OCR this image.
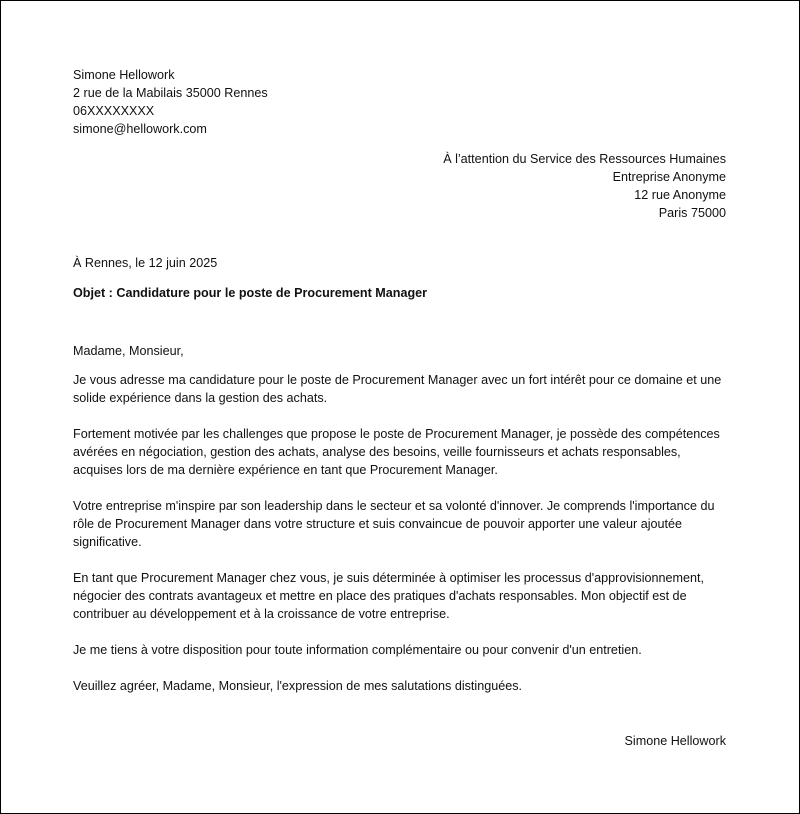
Simone Hellowork
2 rue de la Mabilais 35000 Rennes
06XXXXXXXX
simone@hellowork.com
À l’attention du Service des Ressources Humaines
Entreprise Anonyme
12 rue Anonyme
Paris 75000
À Rennes, le 12 juin 2025
Objet : Candidature pour le poste de Procurement Manager

Madame, Monsieur,

Je vous adresse ma candidature pour le poste de Procurement Manager avec un fort intérêt pour ce domaine et une solide expérience dans la gestion des achats.

Fortement motivée par les challenges que propose le poste de Procurement Manager, je possède des compétences avérées en négociation, gestion des achats, analyse des besoins, veille fournisseurs et achats responsables, acquises lors de ma dernière expérience en tant que Procurement Manager.

Votre entreprise m'inspire par son leadership dans le secteur et sa volonté d'innover. Je comprends l'importance du rôle de Procurement Manager dans votre structure et suis convaincue de pouvoir apporter une valeur ajoutée significative.

En tant que Procurement Manager chez vous, je suis déterminée à optimiser les processus d'approvisionnement, négocier des contrats avantageux et mettre en place des pratiques d'achats responsables. Mon objectif est de contribuer au développement et à la croissance de votre entreprise.

Je me tiens à votre disposition pour toute information complémentaire ou pour convenir d'un entretien.

Veuillez agréer, Madame, Monsieur, l'expression de mes salutations distinguées.

Simone Hellowork
